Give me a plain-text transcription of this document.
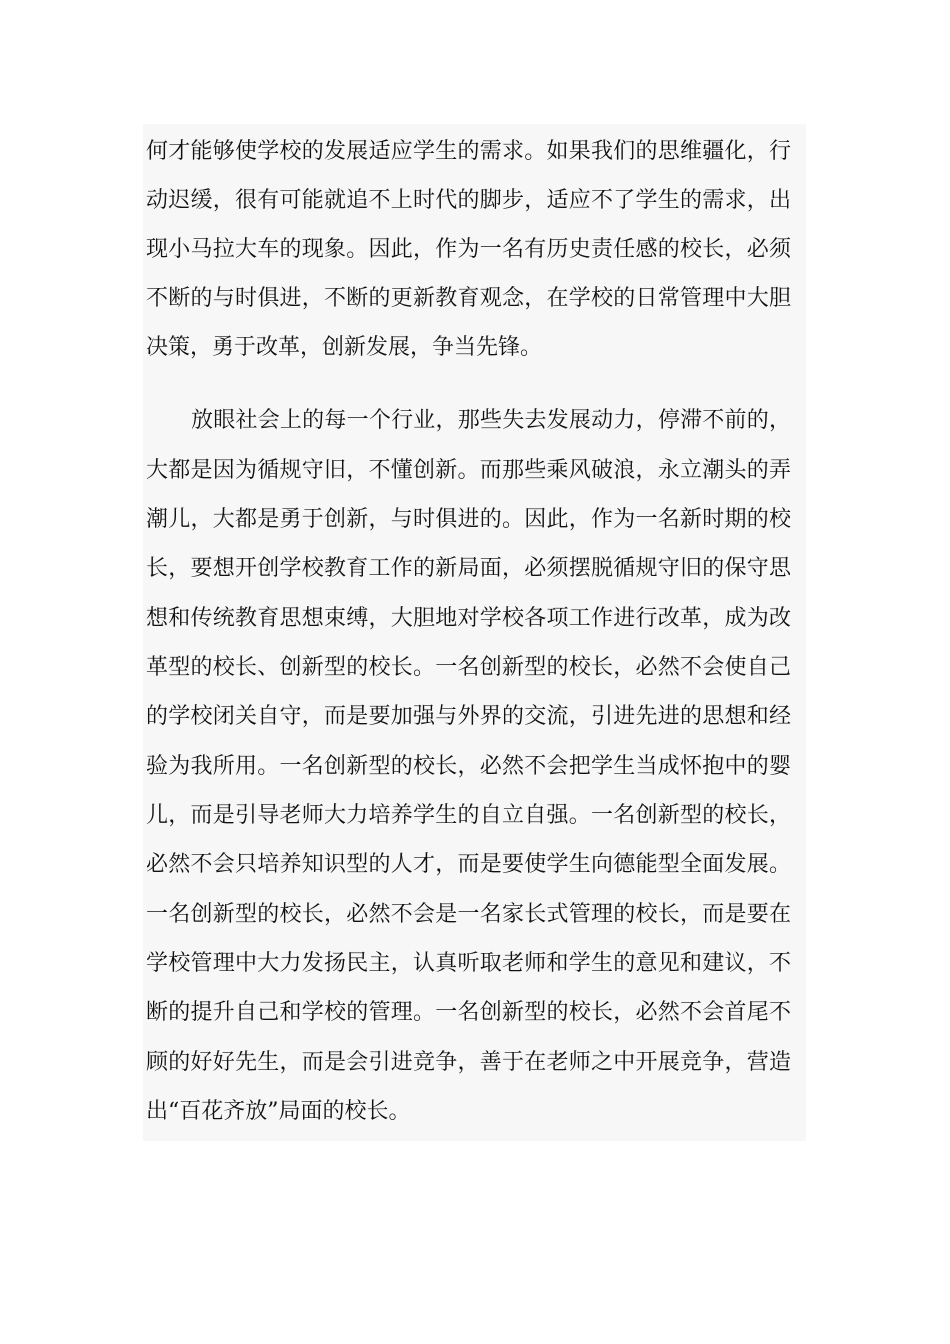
何才能够使学校的发展适应学生的需求。如果我们的思维疆化，行
动迟缓，很有可能就追不上时代的脚步，适应不了学生的需求，出
现小马拉大车的现象。因此，作为一名有历史责任感的校长，必须
不断的与时俱进，不断的更新教育观念，在学校的日常管理中大胆
决策，勇于改革，创新发展，争当先锋。
放眼社会上的每一个行业，那些失去发展动力，停滞不前的，
大都是因为循规守旧，不懂创新。而那些乘风破浪，永立潮头的弄
潮儿，大都是勇于创新，与时俱进的。因此，作为一名新时期的校
长，要想开创学校教育工作的新局面，必须摆脱循规守旧的保守思
想和传统教育思想束缚，大胆地对学校各项工作进行改革，成为改
革型的校长、创新型的校长。一名创新型的校长，必然不会使自己
的学校闭关自守，而是要加强与外界的交流，引进先进的思想和经
验为我所用。一名创新型的校长，必然不会把学生当成怀抱中的婴
儿，而是引导老师大力培养学生的自立自强。一名创新型的校长，
必然不会只培养知识型的人才，而是要使学生向德能型全面发展。
一名创新型的校长，必然不会是一名家长式管理的校长，而是要在
学校管理中大力发扬民主，认真听取老师和学生的意见和建议，不
断的提升自己和学校的管理。一名创新型的校长，必然不会首尾不
顾的好好先生，而是会引进竞争，善于在老师之中开展竞争，营造
出“百花齐放”局面的校长。
